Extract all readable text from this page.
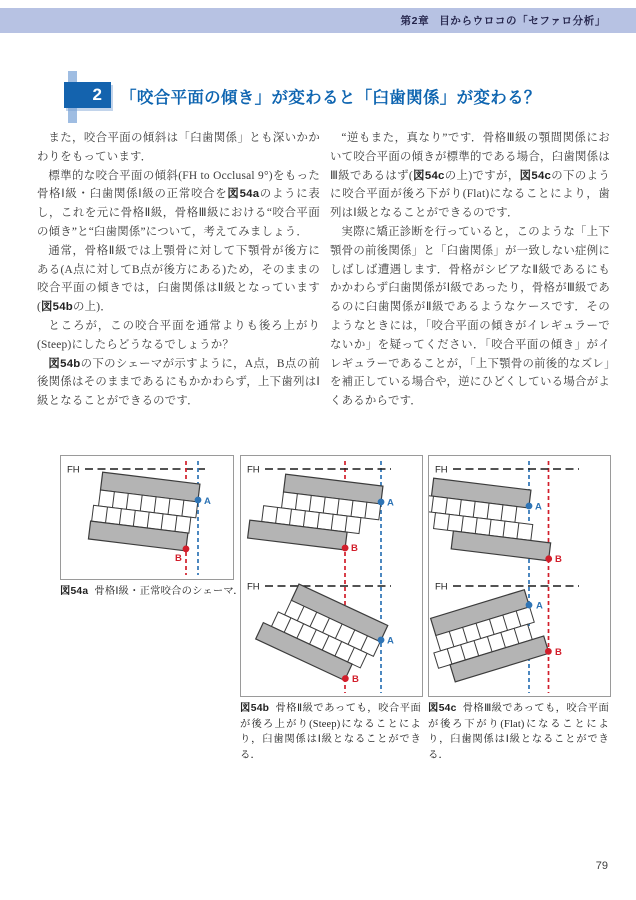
第2章 目からウロコの「セファロ分析」
2 「咬合平面の傾き」が変わると「臼歯関係」が変わる？

また，咬合平面の傾斜は「臼歯関係」とも深いかかわりをもっています．

標準的な咬合平面の傾斜(FH to Occlusal 9°)をもった骨格Ⅰ級・臼歯関係Ⅰ級の正常咬合を図54aのように表し，これを元に骨格Ⅱ級，骨格Ⅲ級における“咬合平面の傾き”と“臼歯関係”について，考えてみましょう．

通常，骨格Ⅱ級では上顎骨に対して下顎骨が後方にある(A点に対してB点が後方にある)ため，そのままの咬合平面の傾きでは，臼歯関係はⅡ級となっています(図54bの上)．

ところが，この咬合平面を通常よりも後ろ上がり(Steep)にしたらどうなるでしょうか？

図54bの下のシェーマが示すように，A点，B点の前後関係はそのままであるにもかかわらず，上下歯列はⅠ級となることができるのです．

“逆もまた，真なり”です．骨格Ⅲ級の顎間関係において咬合平面の傾きが標準的である場合，臼歯関係はⅢ級であるはず(図54cの上)ですが，図54cの下のように咬合平面が後ろ下がり(Flat)になることにより，歯列はⅠ級となることができるのです．

実際に矯正診断を行っていると，このような「上下顎骨の前後関係」と「臼歯関係」が一致しない症例にしばしば遭遇します．骨格がシビアなⅡ級であるにもかかわらず臼歯関係がⅠ級であったり，骨格がⅢ級であるのに臼歯関係がⅡ級であるようなケースです．そのようなときには，「咬合平面の傾きがイレギュラーでないか」を疑ってください．「咬合平面の傾き」がイレギュラーであることが，「上下顎骨の前後的なズレ」を補正している場合や，逆にひどくしている場合がよくあるからです．

FH
A
B
FH
A
B
FH
A
B
FH
A
B
FH
A
B
図54a 骨格Ⅰ級・正常咬合のシェーマ．
図54b 骨格Ⅱ級であっても，咬合平面が後ろ上がり(Steep)になることにより，臼歯関係はⅠ級となることができる．
図54c 骨格Ⅲ級であっても，咬合平面が後ろ下がり(Flat)になることにより，臼歯関係はⅠ級となることができる．
79
